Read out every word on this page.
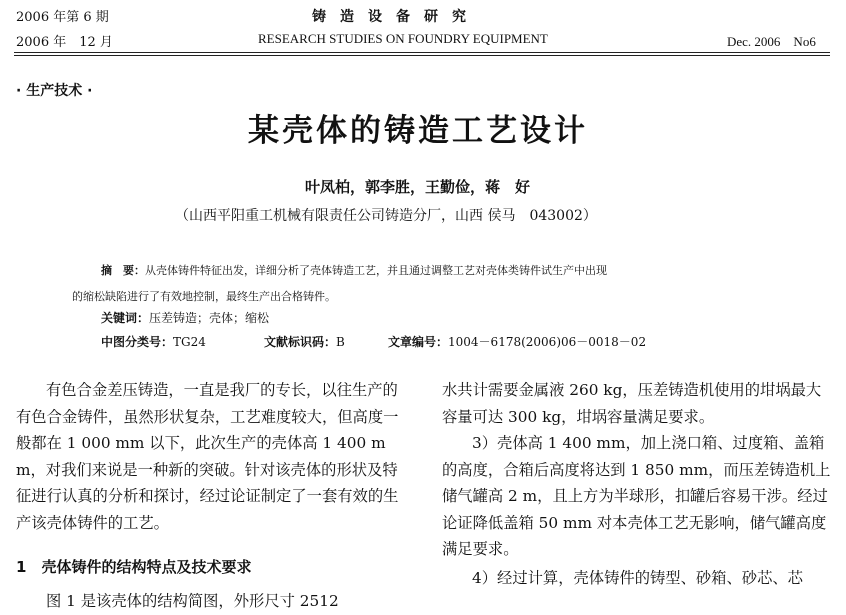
2006 年第 6 期
2006 年　12 月
铸　造　设　备　研　究
RESEARCH STUDIES ON FOUNDRY EQUIPMENT	Dec. 2006　No6
· 生产技术 ·
某壳体的铸造工艺设计
叶凤柏，郭李胜，王勤俭，蒋　好
（山西平阳重工机械有限责任公司铸造分厂，山西 侯马　043002）
摘　要：从壳体铸件特征出发，详细分析了壳体铸造工艺，并且通过调整工艺对壳体类铸件试生产中出现
的缩松缺陷进行了有效地控制，最终生产出合格铸件。
关键词：压差铸造；壳体；缩松
中图分类号：TG24	文献标识码：B	文章编号：1004－6178(2006)06－0018－02
有色合金差压铸造，一直是我厂的专长，以往生产的有色合金铸件，虽然形状复杂，工艺难度较大，但高度一般都在 1 000 mm 以下，此次生产的壳体高 1 400 mm，对我们来说是一种新的突破。针对该壳体的形状及特征进行认真的分析和探讨，经过论证制定了一套有效的生产该壳体铸件的工艺。
1　 壳体铸件的结构特点及技术要求
图 1 是该壳体的结构简图，外形尺寸 2512
水共计需要金属液 260 kg，压差铸造机使用的坩埚最大容量可达 300 kg，坩埚容量满足要求。
3）壳体高 1 400 mm，加上浇口箱、过度箱、盖箱的高度，合箱后高度将达到 1 850 mm，而压差铸造机上储气罐高 2 m，且上方为半球形，扣罐后容易干涉。经过论证降低盖箱 50 mm 对本壳体工艺无影响，储气罐高度满足要求。
4）经过计算，壳体铸件的铸型、砂箱、砂芯、芯
